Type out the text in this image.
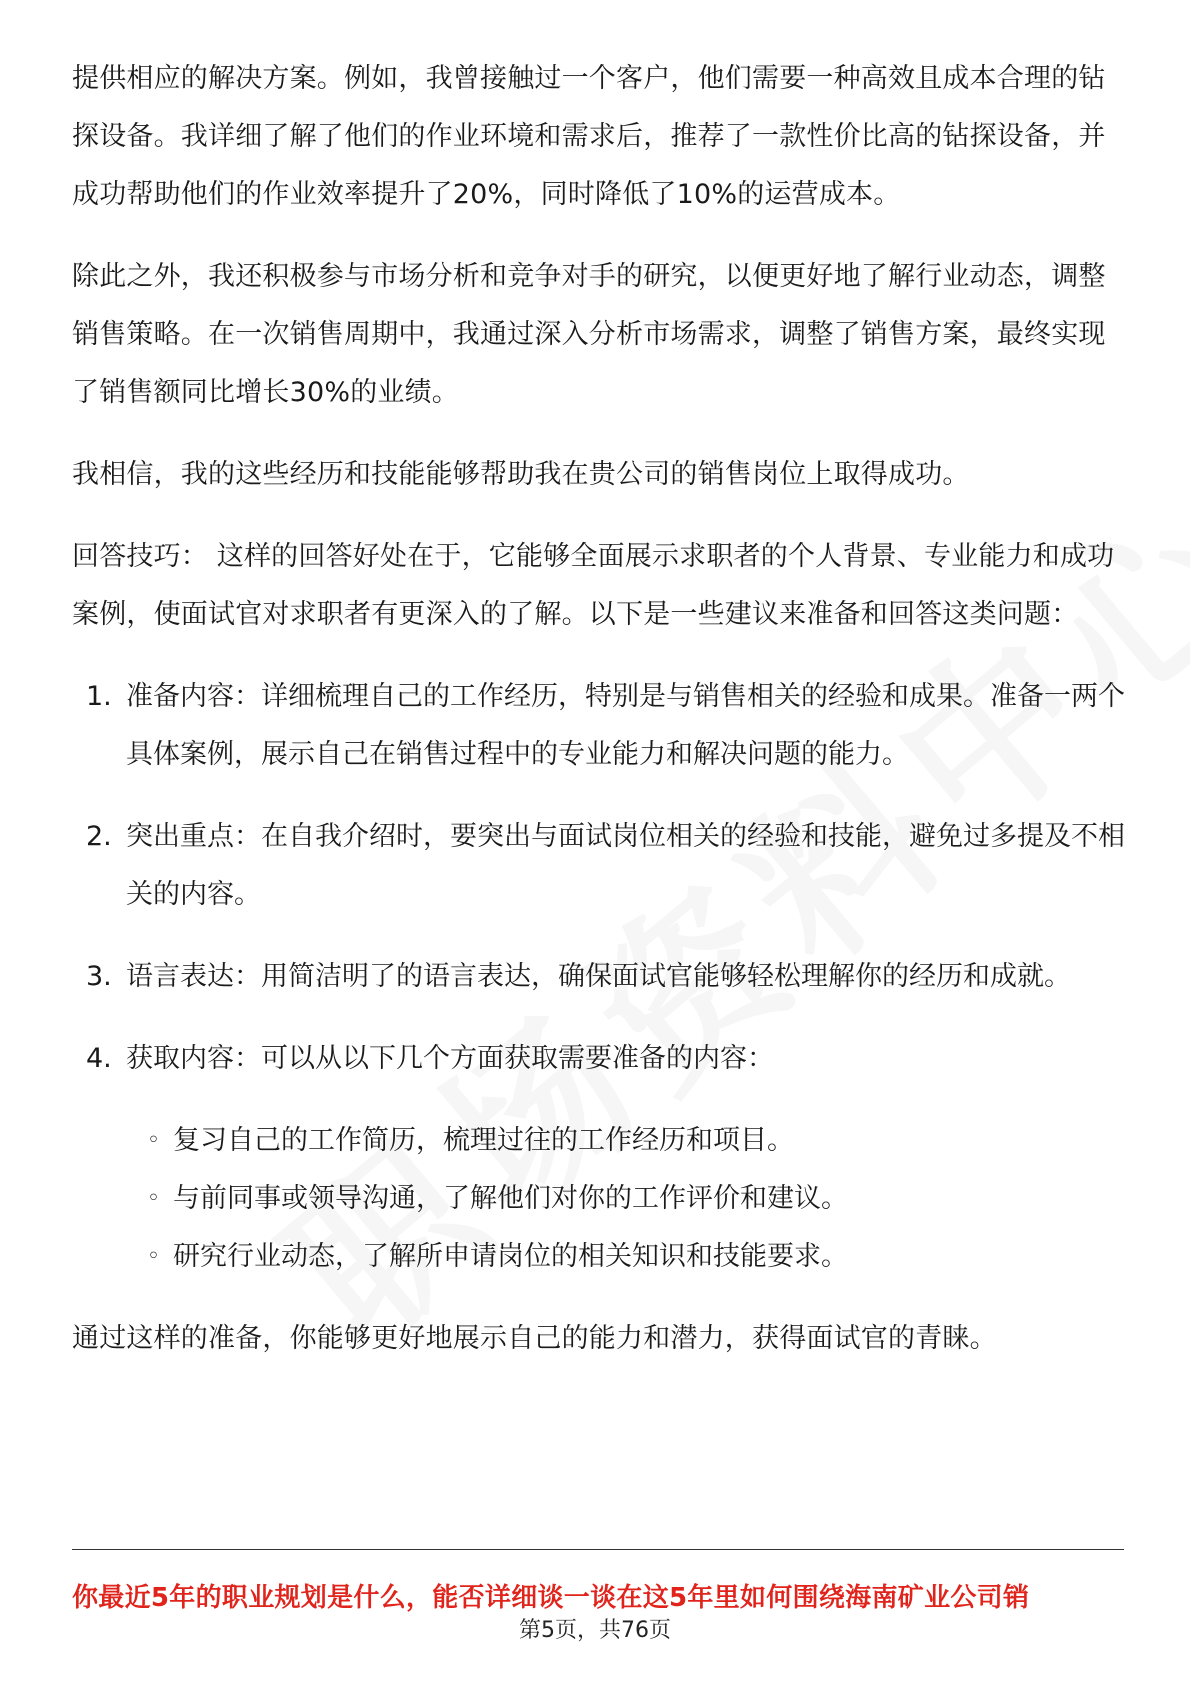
提供相应的解决方案。例如，我曾接触过一个客户，他们需要一种高效且成本合理的钻探设备。我详细了解了他们的作业环境和需求后，推荐了一款性价比高的钻探设备，并成功帮助他们的作业效率提升了20%，同时降低了10%的运营成本。

除此之外，我还积极参与市场分析和竞争对手的研究，以便更好地了解行业动态，调整销售策略。在一次销售周期中，我通过深入分析市场需求，调整了销售方案，最终实现了销售额同比增长30%的业绩。

我相信，我的这些经历和技能能够帮助我在贵公司的销售岗位上取得成功。

回答技巧： 这样的回答好处在于，它能够全面展示求职者的个人背景、专业能力和成功案例，使面试官对求职者有更深入的了解。以下是一些建议来准备和回答这类问题：

1. 准备内容：详细梳理自己的工作经历，特别是与销售相关的经验和成果。准备一两个具体案例，展示自己在销售过程中的专业能力和解决问题的能力。
2. 突出重点：在自我介绍时，要突出与面试岗位相关的经验和技能，避免过多提及不相关的内容。
3. 语言表达：用简洁明了的语言表达，确保面试官能够轻松理解你的经历和成就。
4. 获取内容：可以从以下几个方面获取需要准备的内容：
◦ 复习自己的工作简历，梳理过往的工作经历和项目。
◦ 与前同事或领导沟通，了解他们对你的工作评价和建议。
◦ 研究行业动态，了解所申请岗位的相关知识和技能要求。

通过这样的准备，你能够更好地展示自己的能力和潜力，获得面试官的青睐。

你最近5年的职业规划是什么，能否详细谈一谈在这5年里如何围绕海南矿业公司销
第5页，共76页
